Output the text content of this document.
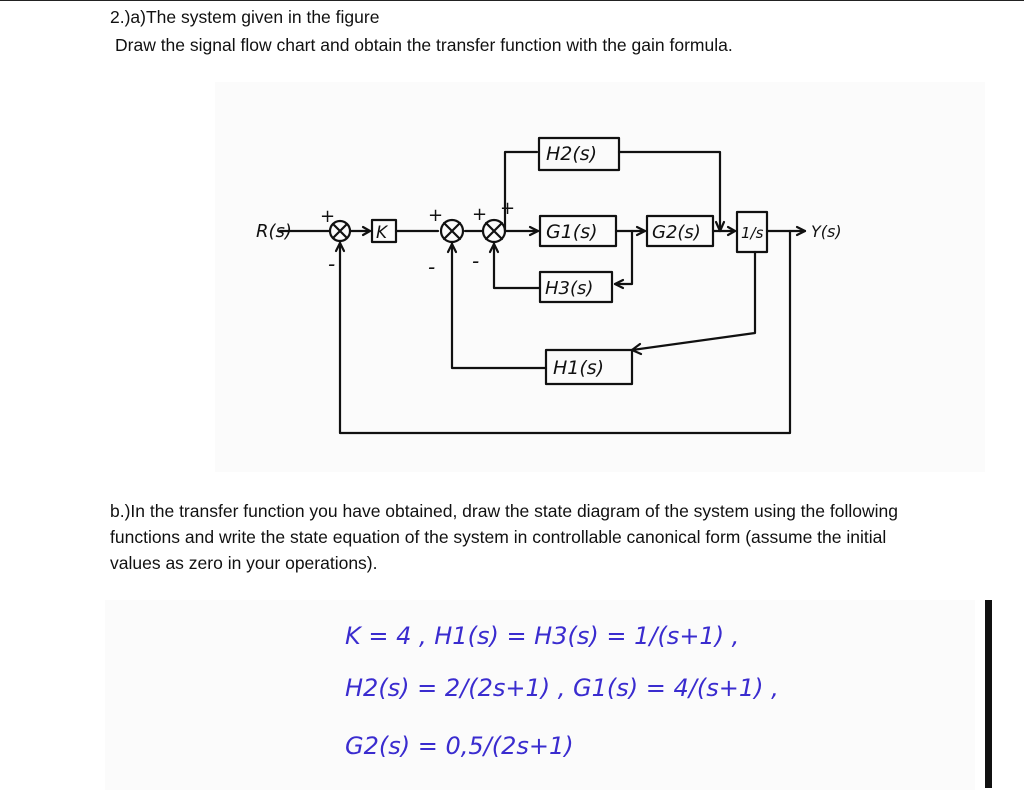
2.)a)The system given in the figure
Draw the signal flow chart and obtain the transfer function with the gain formula.
R(s)	Y(s)
K
H2(s)
G1(s)	G2(s)
H3(s)
H1(s)
1/s
+
-
+
-
+
-
+
b.)In the transfer function you have obtained, draw the state diagram of the system using the following functions and write the state equation of the system in controllable canonical form (assume the initial values as zero in your operations).
K = 4 , H1(s) = H3(s) = 1/(s+1) ,
H2(s) = 2/(2s+1) , G1(s) = 4/(s+1) ,
G2(s) = 0,5/(2s+1)
